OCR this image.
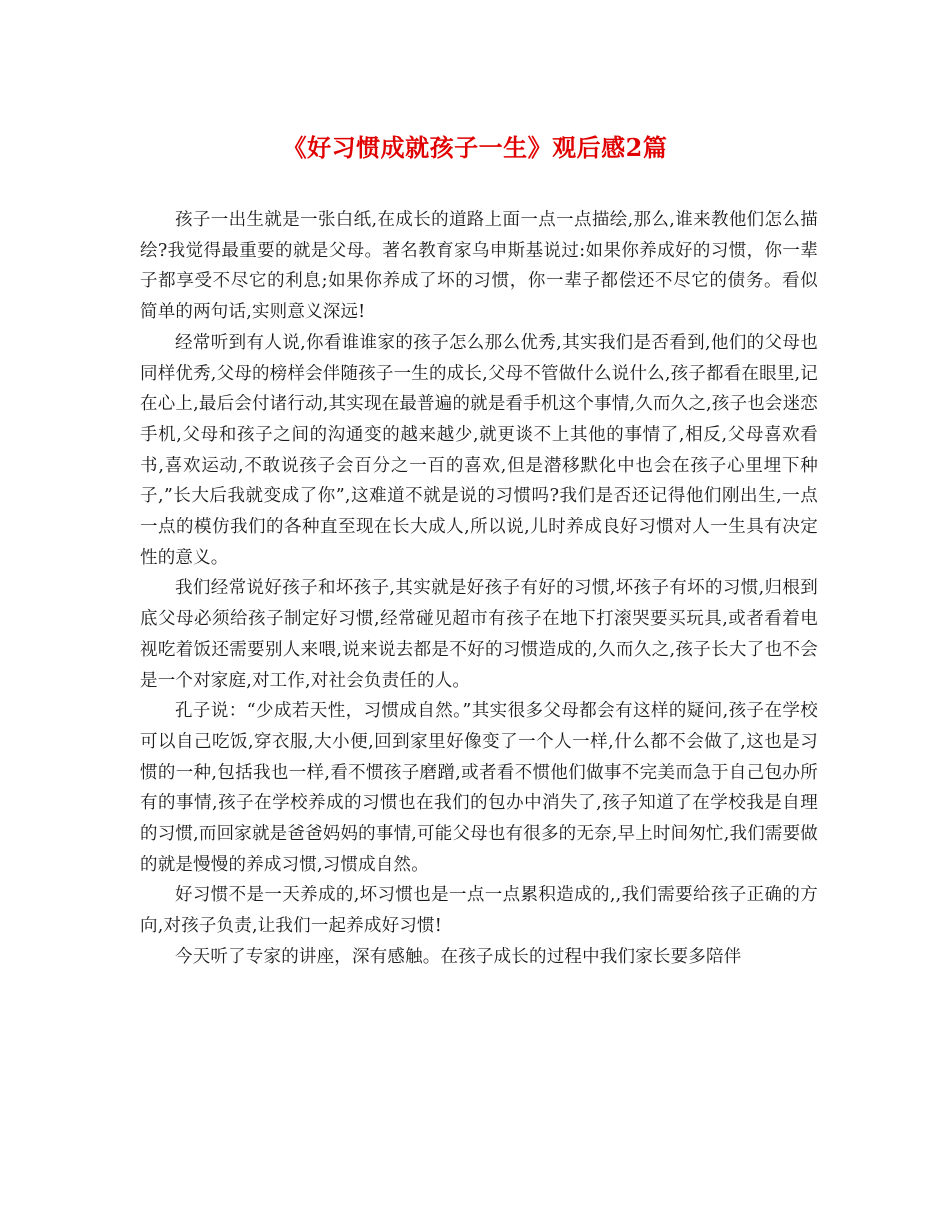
《好习惯成就孩子一生》观后感2篇

孩子一出生就是一张白纸,在成长的道路上面一点一点描绘,那么,谁来教他们怎么描绘?我觉得最重要的就是父母。著名教育家乌申斯基说过:如果你养成好的习惯，你一辈子都享受不尽它的利息;如果你养成了坏的习惯，你一辈子都偿还不尽它的债务。看似简单的两句话,实则意义深远!

经常听到有人说,你看谁谁家的孩子怎么那么优秀,其实我们是否看到,他们的父母也同样优秀,父母的榜样会伴随孩子一生的成长,父母不管做什么说什么,孩子都看在眼里,记在心上,最后会付诸行动,其实现在最普遍的就是看手机这个事情,久而久之,孩子也会迷恋手机,父母和孩子之间的沟通变的越来越少,就更谈不上其他的事情了,相反,父母喜欢看书,喜欢运动,不敢说孩子会百分之一百的喜欢,但是潜移默化中也会在孩子心里埋下种子,”长大后我就变成了你”,这难道不就是说的习惯吗?我们是否还记得他们刚出生,一点一点的模仿我们的各种直至现在长大成人,所以说,儿时养成良好习惯对人一生具有决定性的意义。

我们经常说好孩子和坏孩子,其实就是好孩子有好的习惯,坏孩子有坏的习惯,归根到底父母必须给孩子制定好习惯,经常碰见超市有孩子在地下打滚哭要买玩具,或者看着电视吃着饭还需要别人来喂,说来说去都是不好的习惯造成的,久而久之,孩子长大了也不会是一个对家庭,对工作,对社会负责任的人。

孔子说：“少成若天性，习惯成自然。”其实很多父母都会有这样的疑问,孩子在学校可以自己吃饭,穿衣服,大小便,回到家里好像变了一个人一样,什么都不会做了,这也是习惯的一种,包括我也一样,看不惯孩子磨蹭,或者看不惯他们做事不完美而急于自己包办所有的事情,孩子在学校养成的习惯也在我们的包办中消失了,孩子知道了在学校我是自理的习惯,而回家就是爸爸妈妈的事情,可能父母也有很多的无奈,早上时间匆忙,我们需要做的就是慢慢的养成习惯,习惯成自然。

好习惯不是一天养成的,坏习惯也是一点一点累积造成的,,我们需要给孩子正确的方向,对孩子负责,让我们一起养成好习惯!

今天听了专家的讲座，深有感触。在孩子成长的过程中我们家长要多陪伴
